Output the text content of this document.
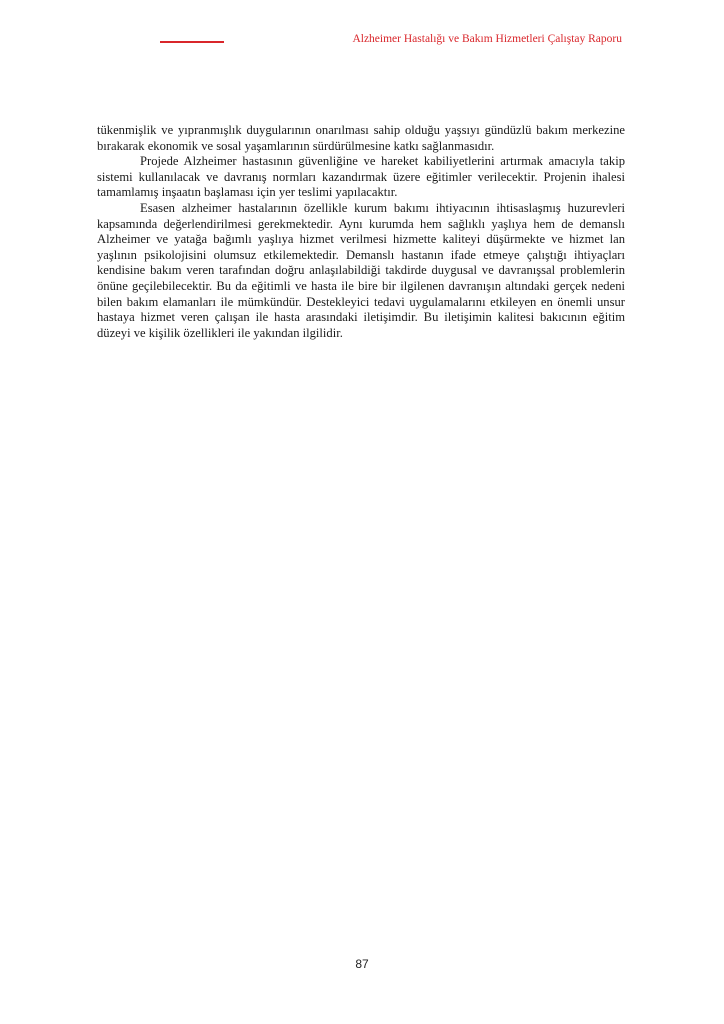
Alzheimer Hastalığı ve Bakım Hizmetleri Çalıştay Raporu

tükenmişlik ve yıpranmışlık duygularının onarılması sahip olduğu yaşsıyı gündüzlü bakım merkezine bırakarak ekonomik ve sosal yaşamlarının sürdürülmesine katkı sağlanmasıdır.

Projede Alzheimer hastasının güvenliğine ve hareket kabiliyetlerini artırmak amacıyla takip sistemi kullanılacak ve davranış normları kazandırmak üzere eğitimler verilecektir. Projenin ihalesi tamamlamış inşaatın başlaması için yer teslimi yapılacaktır.

Esasen alzheimer hastalarının özellikle kurum bakımı ihtiyacının ihtisaslaşmış huzurevleri kapsamında değerlendirilmesi gerekmektedir. Aynı kurumda hem sağlıklı yaşlıya hem de demanslı Alzheimer ve yatağa bağımlı yaşlıya hizmet verilmesi hizmette kaliteyi düşürmekte ve hizmet lan yaşlının psikolojisini olumsuz etkilemektedir. Demanslı hastanın ifade etmeye çalıştığı ihtiyaçları kendisine bakım veren tarafından doğru anlaşılabildiği takdirde duygusal ve davranışsal problemlerin önüne geçilebilecektir. Bu da eğitimli ve hasta ile bire bir ilgilenen davranışın altındaki gerçek nedeni bilen bakım elamanları ile mümkündür. Destekleyici tedavi uygulamalarını etkileyen en önemli unsur hastaya hizmet veren çalışan ile hasta arasındaki iletişimdir. Bu iletişimin kalitesi bakıcının eğitim düzeyi ve kişilik özellikleri ile yakından ilgilidir.

87
